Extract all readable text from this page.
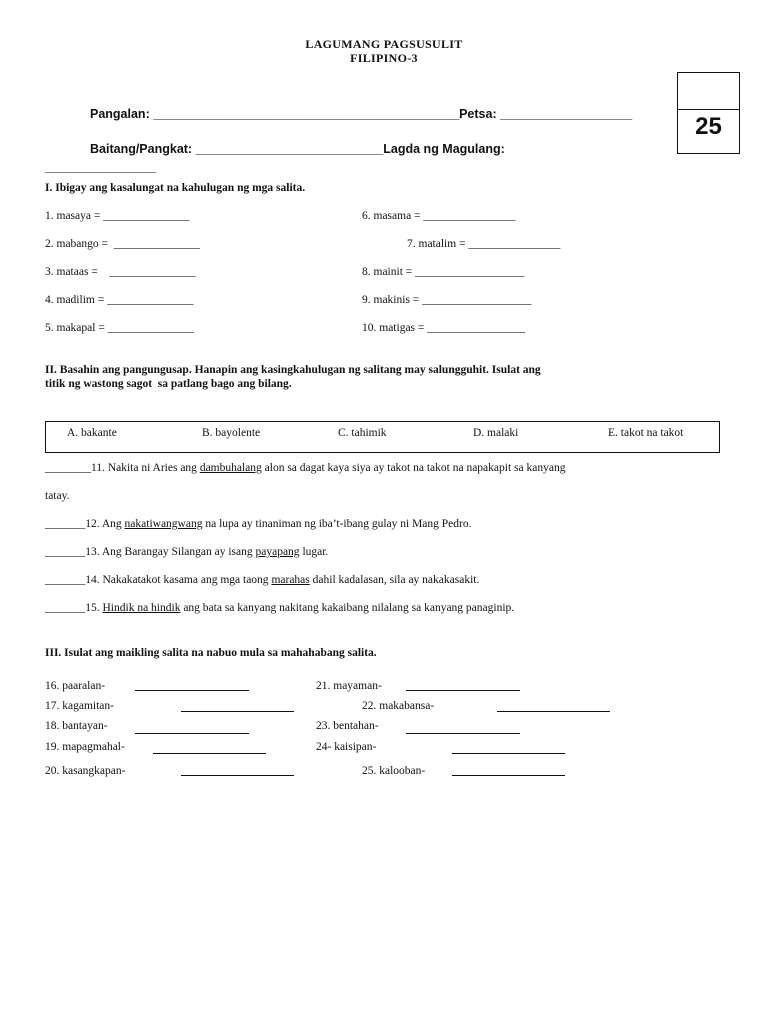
LAGUMANG PAGSUSULIT
FILIPINO-3
25
Pangalan: ____________________________________________Petsa: ___________________
Baitang/Pangkat: ___________________________Lagda ng Magulang:
________________
I. Ibigay ang kasalungat na kahulugan ng mga salita.
1. masaya = _______________
2. mabango =  _______________
3. mataas =    _______________
4. madilim = _______________
5. makapal = _______________
6. masama = ________________
7. matalim = ________________
8. mainit = ___________________
9. makinis = ___________________
10. matigas = _________________
II. Basahin ang pangungusap. Hanapin ang kasingkahulugan ng salitang may salungguhit. Isulat ang
titik ng wastong sagot  sa patlang bago ang bilang.
A. bakante	B. bayolente	C. tahimik	D. malaki	E. takot na takot
________11. Nakita ni Aries ang dambuhalang alon sa dagat kaya siya ay takot na takot na napakapit sa kanyang
tatay.
_______12. Ang nakatiwangwang na lupa ay tinaniman ng iba’t-ibang gulay ni Mang Pedro.
_______13. Ang Barangay Silangan ay isang payapang lugar.
_______14. Nakakatakot kasama ang mga taong marahas dahil kadalasan, sila ay nakakasakit.
_______15. Hindik na hindik ang bata sa kanyang nakitang kakaibang nilalang sa kanyang panaginip.
III. Isulat ang maikling salita na nabuo mula sa mahahabang salita.
16. paaralan-
17. kagamitan-
18. bantayan-
19. mapagmahal-
20. kasangkapan-
21. mayaman-
22. makabansa-
23. bentahan-
24- kaisipan-
25. kalooban-
